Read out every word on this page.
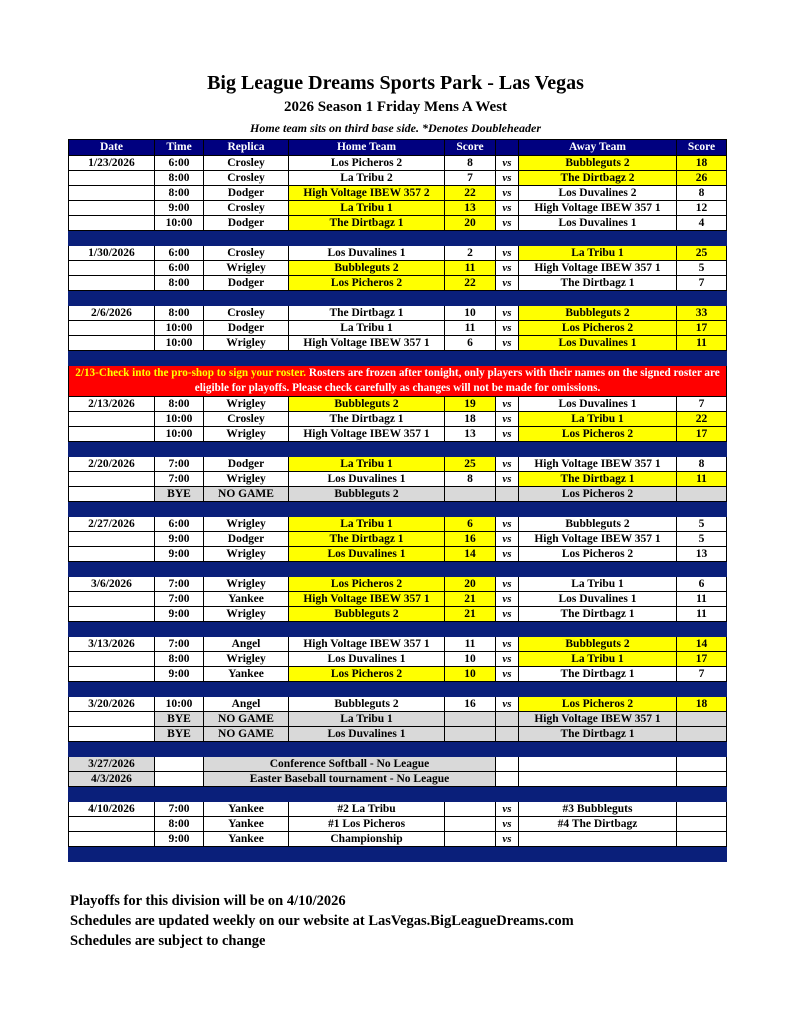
Big League Dreams Sports Park - Las Vegas
2026 Season 1 Friday Mens A West
Home team sits on third base side. *Denotes Doubleheader
Date	Time	Replica	Home Team	Score		Away Team	Score
1/23/2026	6:00	Crosley	Los Picheros 2	8	vs	Bubbleguts 2	18
	8:00	Crosley	La Tribu 2	7	vs	The Dirtbagz 2	26
	8:00	Dodger	High Voltage IBEW 357 2	22	vs	Los Duvalines 2	8
	9:00	Crosley	La Tribu 1	13	vs	High Voltage IBEW 357 1	12
	10:00	Dodger	The Dirtbagz 1	20	vs	Los Duvalines 1	4

1/30/2026	6:00	Crosley	Los Duvalines 1	2	vs	La Tribu 1	25
	6:00	Wrigley	Bubbleguts 2	11	vs	High Voltage IBEW 357 1	5
	8:00	Dodger	Los Picheros 2	22	vs	The Dirtbagz 1	7

2/6/2026	8:00	Crosley	The Dirtbagz 1	10	vs	Bubbleguts 2	33
	10:00	Dodger	La Tribu 1	11	vs	Los Picheros 2	17
	10:00	Wrigley	High Voltage IBEW 357 1	6	vs	Los Duvalines 1	11

2/13-Check into the pro-shop to sign your roster. Rosters are frozen after tonight, only players with their names on the signed roster are eligible for playoffs. Please check carefully as changes will not be made for omissions.							
2/13/2026	8:00	Wrigley	Bubbleguts 2	19	vs	Los Duvalines 1	7
	10:00	Crosley	The Dirtbagz 1	18	vs	La Tribu 1	22
	10:00	Wrigley	High Voltage IBEW 357 1	13	vs	Los Picheros 2	17

2/20/2026	7:00	Dodger	La Tribu 1	25	vs	High Voltage IBEW 357 1	8
	7:00	Wrigley	Los Duvalines 1	8	vs	The Dirtbagz 1	11
	BYE	NO GAME	Bubbleguts 2			Los Picheros 2	

2/27/2026	6:00	Wrigley	La Tribu 1	6	vs	Bubbleguts 2	5
	9:00	Dodger	The Dirtbagz 1	16	vs	High Voltage IBEW 357 1	5
	9:00	Wrigley	Los Duvalines 1	14	vs	Los Picheros 2	13

3/6/2026	7:00	Wrigley	Los Picheros 2	20	vs	La Tribu 1	6
	7:00	Yankee	High Voltage IBEW 357 1	21	vs	Los Duvalines 1	11
	9:00	Wrigley	Bubbleguts 2	21	vs	The Dirtbagz 1	11

3/13/2026	7:00	Angel	High Voltage IBEW 357 1	11	vs	Bubbleguts 2	14
	8:00	Wrigley	Los Duvalines 1	10	vs	La Tribu 1	17
	9:00	Yankee	Los Picheros 2	10	vs	The Dirtbagz 1	7

3/20/2026	10:00	Angel	Bubbleguts 2	16	vs	Los Picheros 2	18
	BYE	NO GAME	La Tribu 1			High Voltage IBEW 357 1	
	BYE	NO GAME	Los Duvalines 1			The Dirtbagz 1	

3/27/2026		Conference Softball - No League					
4/3/2026		Easter Baseball tournament - No League					

4/10/2026	7:00	Yankee	#2 La Tribu		vs	#3 Bubbleguts	
	8:00	Yankee	#1 Los Picheros		vs	#4 The Dirtbagz	
	9:00	Yankee	Championship		vs		

Playoffs for this division will be on 4/10/2026
Schedules are updated weekly on our website at LasVegas.BigLeagueDreams.com
Schedules are subject to change
